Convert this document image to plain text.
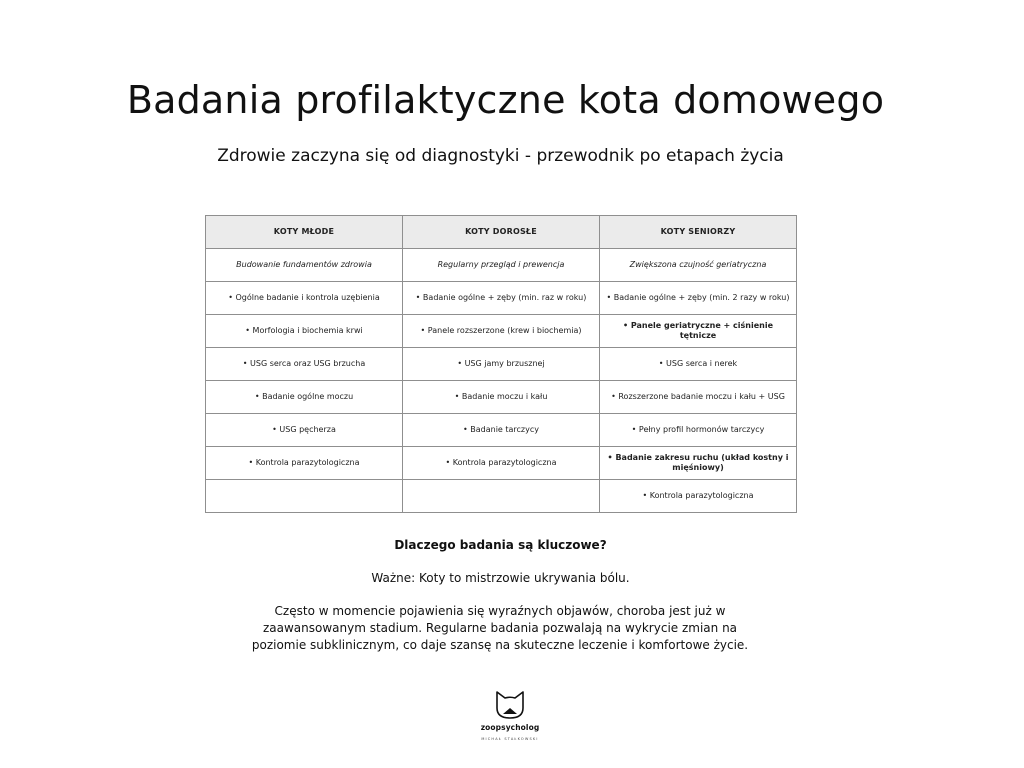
Badania profilaktyczne kota domowego
Zdrowie zaczyna się od diagnostyki - przewodnik po etapach życia
KOTY MŁODE	KOTY DOROSŁE	KOTY SENIORZY
Budowanie fundamentów zdrowia	Regularny przegląd i prewencja	Zwiększona czujność geriatryczna
• Ogólne badanie i kontrola uzębienia	• Badanie ogólne + zęby (min. raz w roku)	• Badanie ogólne + zęby (min. 2 razy w roku)
• Morfologia i biochemia krwi	• Panele rozszerzone (krew i biochemia)	• Panele geriatryczne + ciśnienie tętnicze
• USG serca oraz USG brzucha	• USG jamy brzusznej	• USG serca i nerek
• Badanie ogólne moczu	• Badanie moczu i kału	• Rozszerzone badanie moczu i kału + USG
• USG pęcherza	• Badanie tarczycy	• Pełny profil hormonów tarczycy
• Kontrola parazytologiczna	• Kontrola parazytologiczna	• Badanie zakresu ruchu (układ kostny i mięśniowy)
		• Kontrola parazytologiczna
Dlaczego badania są kluczowe?
Ważne: Koty to mistrzowie ukrywania bólu.
Często w momencie pojawienia się wyraźnych objawów, choroba jest już w zaawansowanym stadium. Regularne badania pozwalają na wykrycie zmian na poziomie subklinicznym, co daje szansę na skuteczne leczenie i komfortowe życie.
zoopsycholog
MICHAŁ STAŁKOWSKI
